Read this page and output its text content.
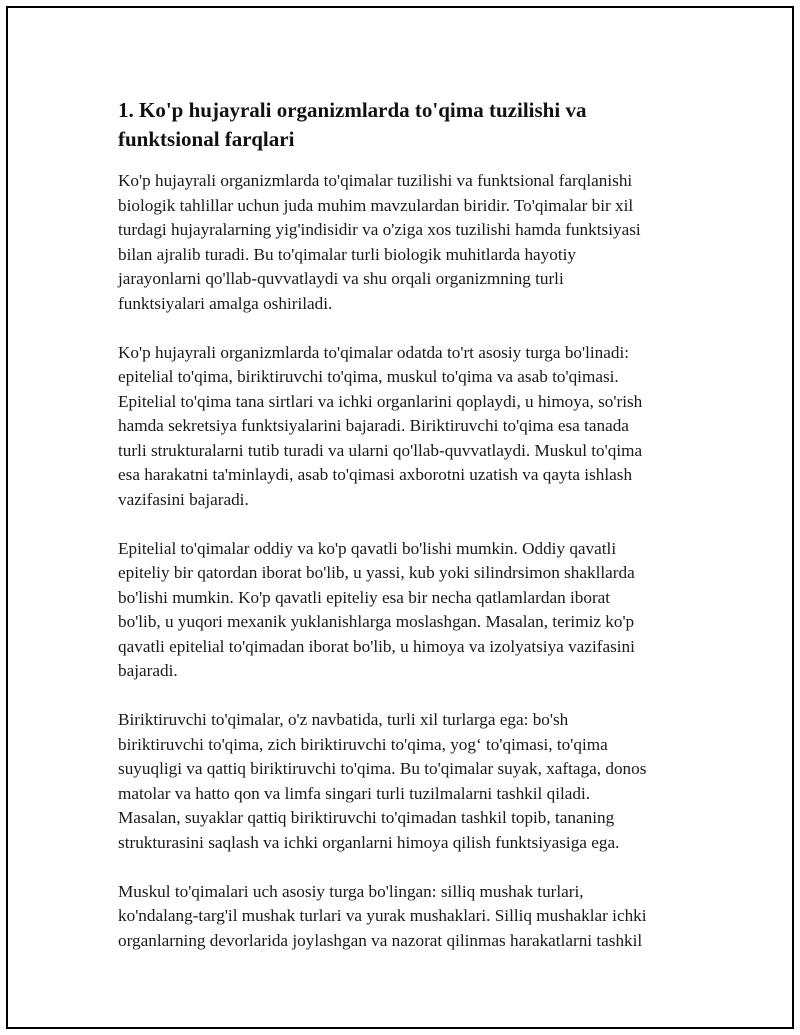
1. Ko'p hujayrali organizmlarda to'qima tuzilishi va
funktsional farqlari

Ko'p hujayrali organizmlarda to'qimalar tuzilishi va funktsional farqlanishi
biologik tahlillar uchun juda muhim mavzulardan biridir. To'qimalar bir xil
turdagi hujayralarning yig'indisidir va o'ziga xos tuzilishi hamda funktsiyasi
bilan ajralib turadi. Bu to'qimalar turli biologik muhitlarda hayotiy
jarayonlarni qo'llab-quvvatlaydi va shu orqali organizmning turli
funktsiyalari amalga oshiriladi.

Ko'p hujayrali organizmlarda to'qimalar odatda to'rt asosiy turga bo'linadi:
epitelial to'qima, biriktiruvchi to'qima, muskul to'qima va asab to'qimasi.
Epitelial to'qima tana sirtlari va ichki organlarini qoplaydi, u himoya, so'rish
hamda sekretsiya funktsiyalarini bajaradi. Biriktiruvchi to'qima esa tanada
turli strukturalarni tutib turadi va ularni qo'llab-quvvatlaydi. Muskul to'qima
esa harakatni ta'minlaydi, asab to'qimasi axborotni uzatish va qayta ishlash
vazifasini bajaradi.

Epitelial to'qimalar oddiy va ko'p qavatli bo'lishi mumkin. Oddiy qavatli
epiteliy bir qatordan iborat bo'lib, u yassi, kub yoki silindrsimon shakllarda
bo'lishi mumkin. Ko'p qavatli epiteliy esa bir necha qatlamlardan iborat
bo'lib, u yuqori mexanik yuklanishlarga moslashgan. Masalan, terimiz ko'p
qavatli epitelial to'qimadan iborat bo'lib, u himoya va izolyatsiya vazifasini
bajaradi.

Biriktiruvchi to'qimalar, o'z navbatida, turli xil turlarga ega: bo'sh
biriktiruvchi to'qima, zich biriktiruvchi to'qima, yogʻ to'qimasi, to'qima
suyuqligi va qattiq biriktiruvchi to'qima. Bu to'qimalar suyak, xaftaga, donos
matolar va hatto qon va limfa singari turli tuzilmalarni tashkil qiladi.
Masalan, suyaklar qattiq biriktiruvchi to'qimadan tashkil topib, tananing
strukturasini saqlash va ichki organlarni himoya qilish funktsiyasiga ega.

Muskul to'qimalari uch asosiy turga bo'lingan: silliq mushak turlari,
ko'ndalang-targ'il mushak turlari va yurak mushaklari. Silliq mushaklar ichki
organlarning devorlarida joylashgan va nazorat qilinmas harakatlarni tashkil
